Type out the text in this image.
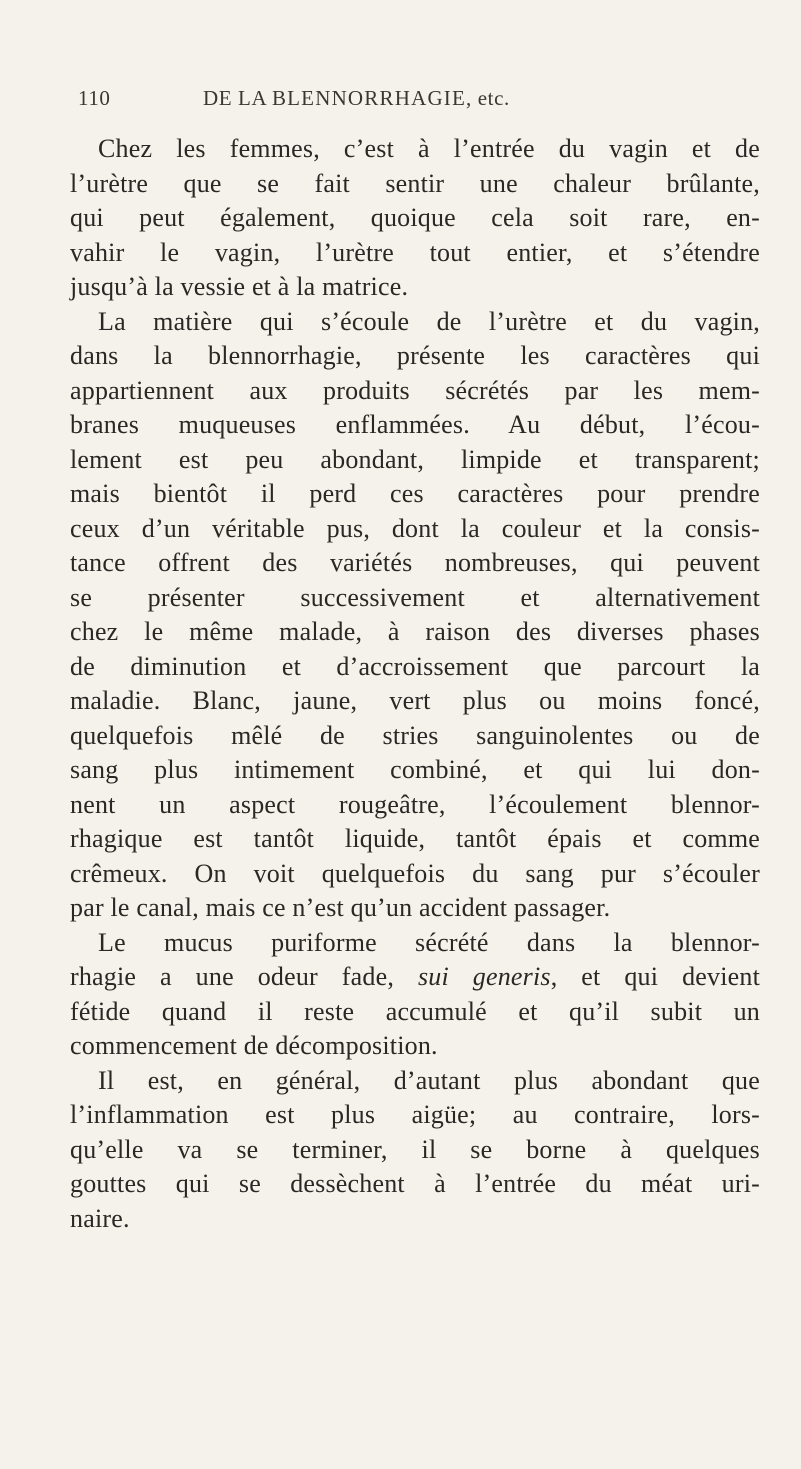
110	DE LA BLENNORRHAGIE, etc.
Chez les femmes, c’est à l’entrée du vagin et de
l’urètre que se fait sentir une chaleur brûlante,
qui peut également, quoique cela soit rare, en-
vahir le vagin, l’urètre tout entier, et s’étendre
jusqu’à la vessie et à la matrice.
La matière qui s’écoule de l’urètre et du vagin,
dans la blennorrhagie, présente les caractères qui
appartiennent aux produits sécrétés par les mem-
branes muqueuses enflammées. Au début, l’écou-
lement est peu abondant, limpide et transparent;
mais bientôt il perd ces caractères pour prendre
ceux d’un véritable pus, dont la couleur et la consis-
tance offrent des variétés nombreuses, qui peuvent
se présenter successivement et alternativement
chez le même malade, à raison des diverses phases
de diminution et d’accroissement que parcourt la
maladie. Blanc, jaune, vert plus ou moins foncé,
quelquefois mêlé de stries sanguinolentes ou de
sang plus intimement combiné, et qui lui don-
nent un aspect rougeâtre, l’écoulement blennor-
rhagique est tantôt liquide, tantôt épais et comme
crêmeux. On voit quelquefois du sang pur s’écouler
par le canal, mais ce n’est qu’un accident passager.
Le mucus puriforme sécrété dans la blennor-
rhagie a une odeur fade, sui generis, et qui devient
fétide quand il reste accumulé et qu’il subit un
commencement de décomposition.
Il est, en général, d’autant plus abondant que
l’inflammation est plus aigüe; au contraire, lors-
qu’elle va se terminer, il se borne à quelques
gouttes qui se dessèchent à l’entrée du méat uri-
naire.
